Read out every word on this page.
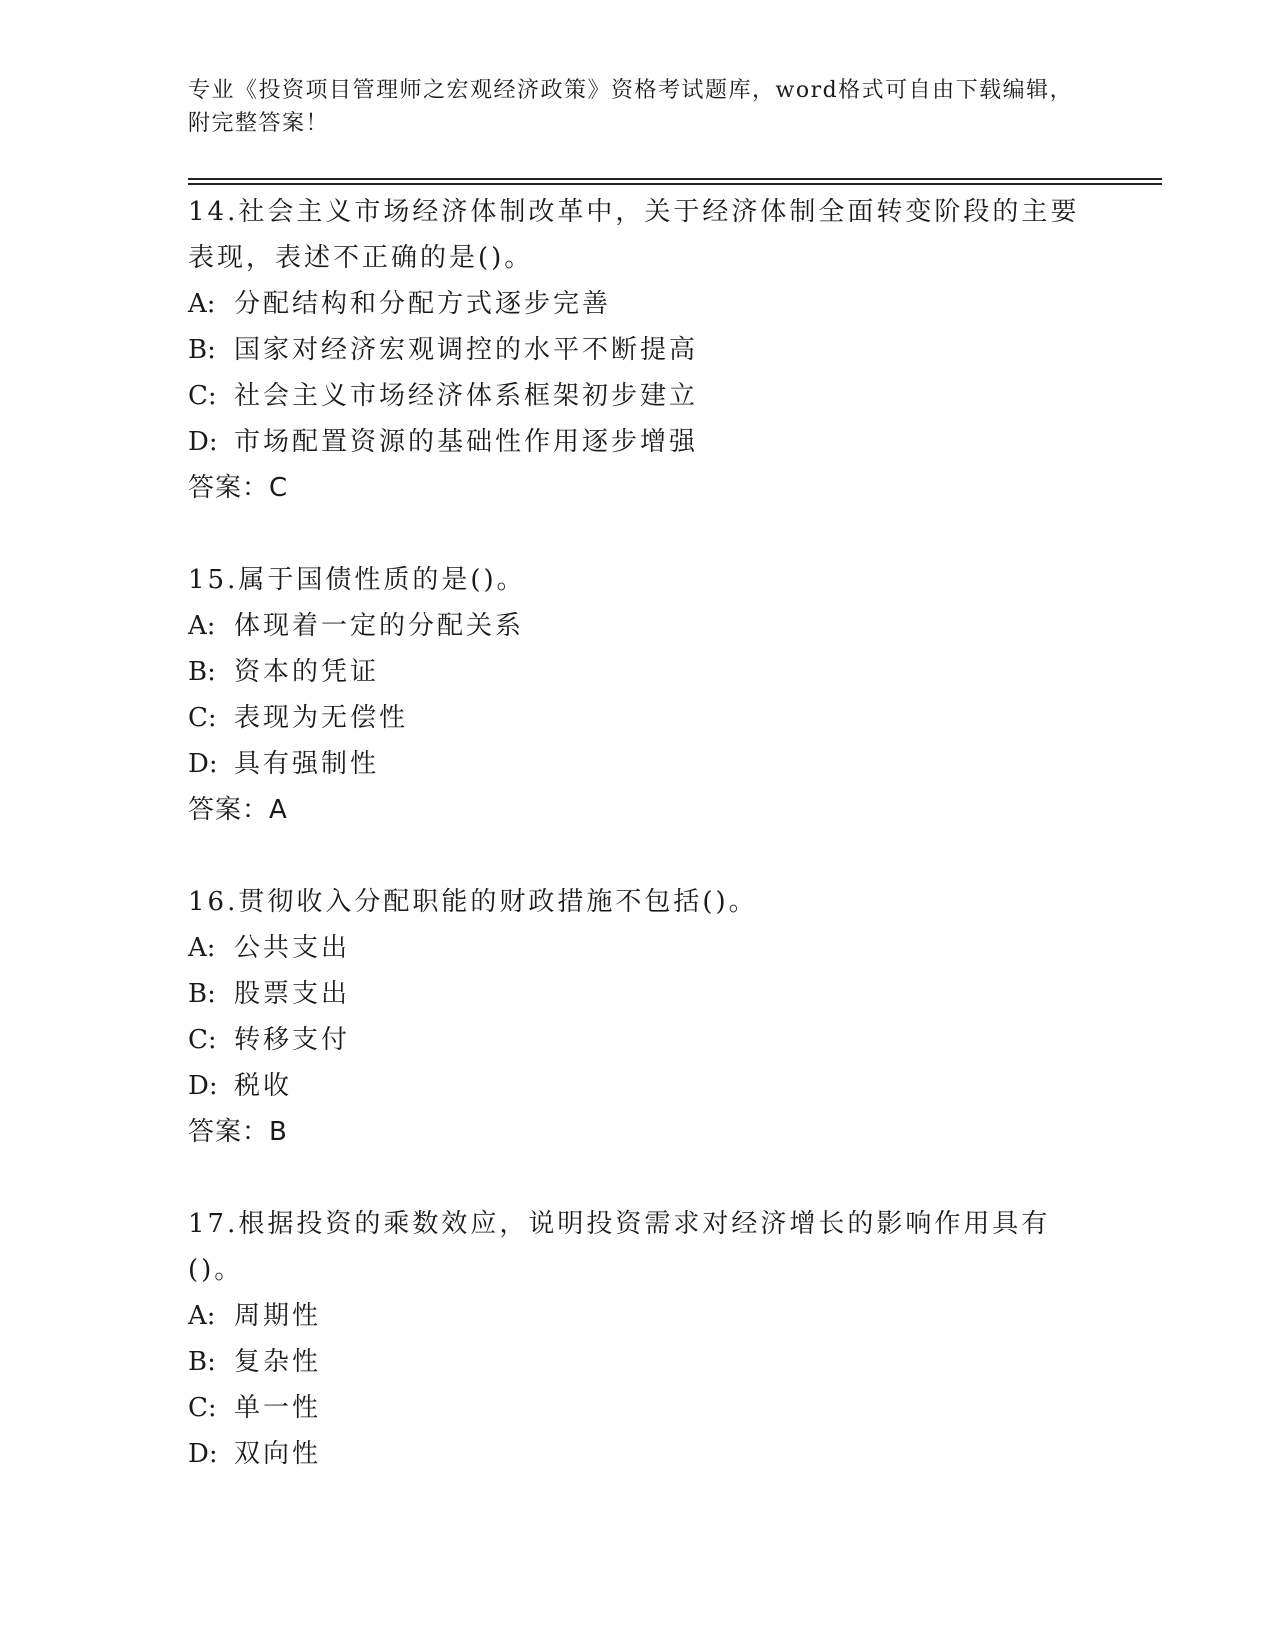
专业《投资项目管理师之宏观经济政策》资格考试题库，word格式可自由下载编辑，附完整答案！

14.社会主义市场经济体制改革中，关于经济体制全面转变阶段的主要表现，表述不正确的是()。

A: 分配结构和分配方式逐步完善
B: 国家对经济宏观调控的水平不断提高
C: 社会主义市场经济体系框架初步建立
D: 市场配置资源的基础性作用逐步增强
答案：C

15.属于国债性质的是()。

A: 体现着一定的分配关系
B: 资本的凭证
C: 表现为无偿性
D: 具有强制性
答案：A

16.贯彻收入分配职能的财政措施不包括()。

A: 公共支出
B: 股票支出
C: 转移支付
D: 税收
答案：B

17.根据投资的乘数效应，说明投资需求对经济增长的影响作用具有()。

A: 周期性
B: 复杂性
C: 单一性
D: 双向性
